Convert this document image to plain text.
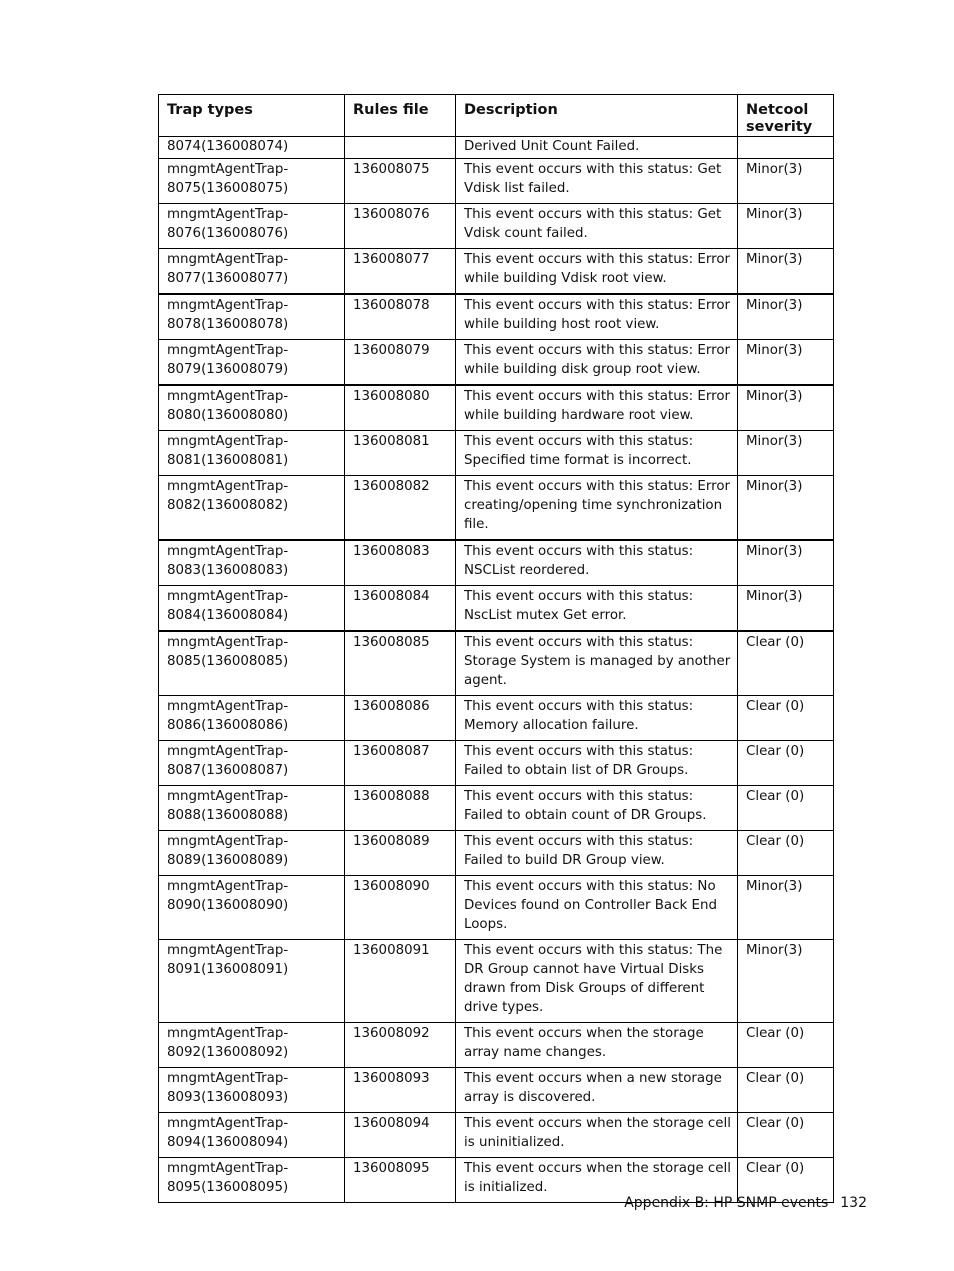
Trap types	Rules file	Description	Netcool severity

8074(136008074)		Derived Unit Count Failed.	

mngmtAgentTrap-
8075(136008075)	136008075	This event occurs with this status: Get Vdisk list failed.	Minor(3)

mngmtAgentTrap-
8076(136008076)	136008076	This event occurs with this status: Get Vdisk count failed.	Minor(3)

mngmtAgentTrap-
8077(136008077)	136008077	This event occurs with this status: Error while building Vdisk root view.	Minor(3)

mngmtAgentTrap-
8078(136008078)	136008078	This event occurs with this status: Error while building host root view.	Minor(3)

mngmtAgentTrap-
8079(136008079)	136008079	This event occurs with this status: Error while building disk group root view.	Minor(3)

mngmtAgentTrap-
8080(136008080)	136008080	This event occurs with this status: Error while building hardware root view.	Minor(3)

mngmtAgentTrap-
8081(136008081)	136008081	This event occurs with this status: Specified time format is incorrect.	Minor(3)

mngmtAgentTrap-
8082(136008082)	136008082	This event occurs with this status: Error creating/opening time synchronization file.	Minor(3)

mngmtAgentTrap-
8083(136008083)	136008083	This event occurs with this status: NSCList reordered.	Minor(3)

mngmtAgentTrap-
8084(136008084)	136008084	This event occurs with this status: NscList mutex Get error.	Minor(3)

mngmtAgentTrap-
8085(136008085)	136008085	This event occurs with this status: Storage System is managed by another agent.	Clear (0)

mngmtAgentTrap-
8086(136008086)	136008086	This event occurs with this status: Memory allocation failure.	Clear (0)

mngmtAgentTrap-
8087(136008087)	136008087	This event occurs with this status: Failed to obtain list of DR Groups.	Clear (0)

mngmtAgentTrap-
8088(136008088)	136008088	This event occurs with this status: Failed to obtain count of DR Groups.	Clear (0)

mngmtAgentTrap-
8089(136008089)	136008089	This event occurs with this status: Failed to build DR Group view.	Clear (0)

mngmtAgentTrap-
8090(136008090)	136008090	This event occurs with this status: No Devices found on Controller Back End Loops.	Minor(3)

mngmtAgentTrap-
8091(136008091)	136008091	This event occurs with this status: The DR Group cannot have Virtual Disks drawn from Disk Groups of different drive types.	Minor(3)

mngmtAgentTrap-
8092(136008092)	136008092	This event occurs when the storage array name changes.	Clear (0)

mngmtAgentTrap-
8093(136008093)	136008093	This event occurs when a new storage array is discovered.	Clear (0)

mngmtAgentTrap-
8094(136008094)	136008094	This event occurs when the storage cell is uninitialized.	Clear (0)

mngmtAgentTrap-
8095(136008095)	136008095	This event occurs when the storage cell is initialized.	Clear (0)
Appendix B: HP SNMP events 132
